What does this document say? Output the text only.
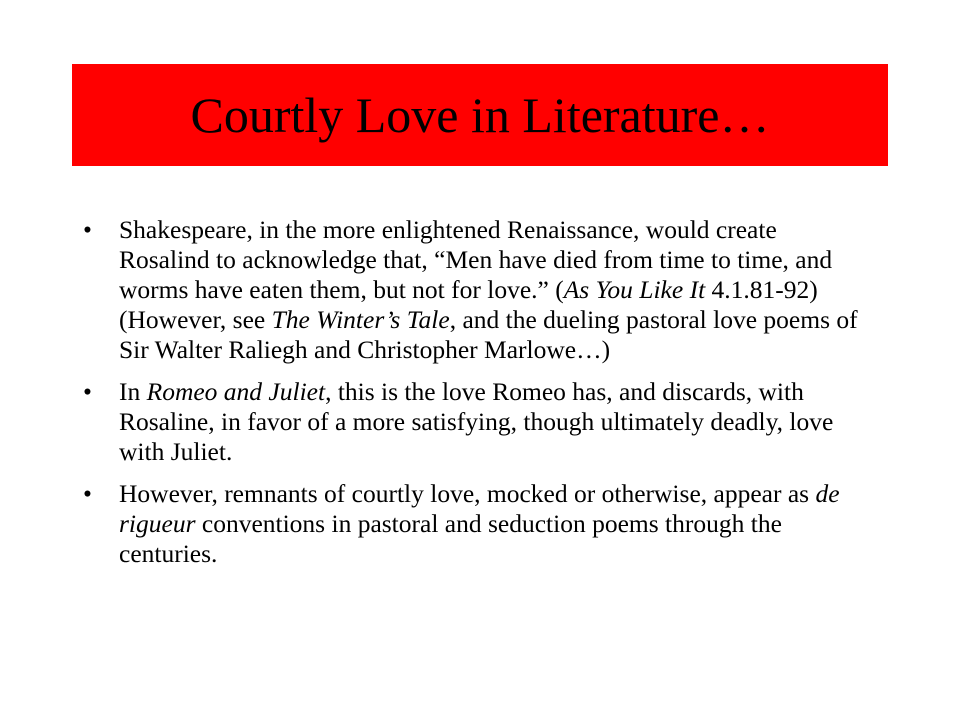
Courtly Love in Literature…
•	Shakespeare, in the more enlightened Renaissance, would create Rosalind to acknowledge that, “Men have died from time to time, and worms have eaten them, but not for love.” (As You Like It 4.1.81-92) (However, see The Winter’s Tale, and the dueling pastoral love poems of Sir Walter Raliegh and Christopher Marlowe…)
•	In Romeo and Juliet, this is the love Romeo has, and discards, with Rosaline, in favor of a more satisfying, though ultimately deadly, love with Juliet.
•	However, remnants of courtly love, mocked or otherwise, appear as de rigueur conventions in pastoral and seduction poems through the centuries.
